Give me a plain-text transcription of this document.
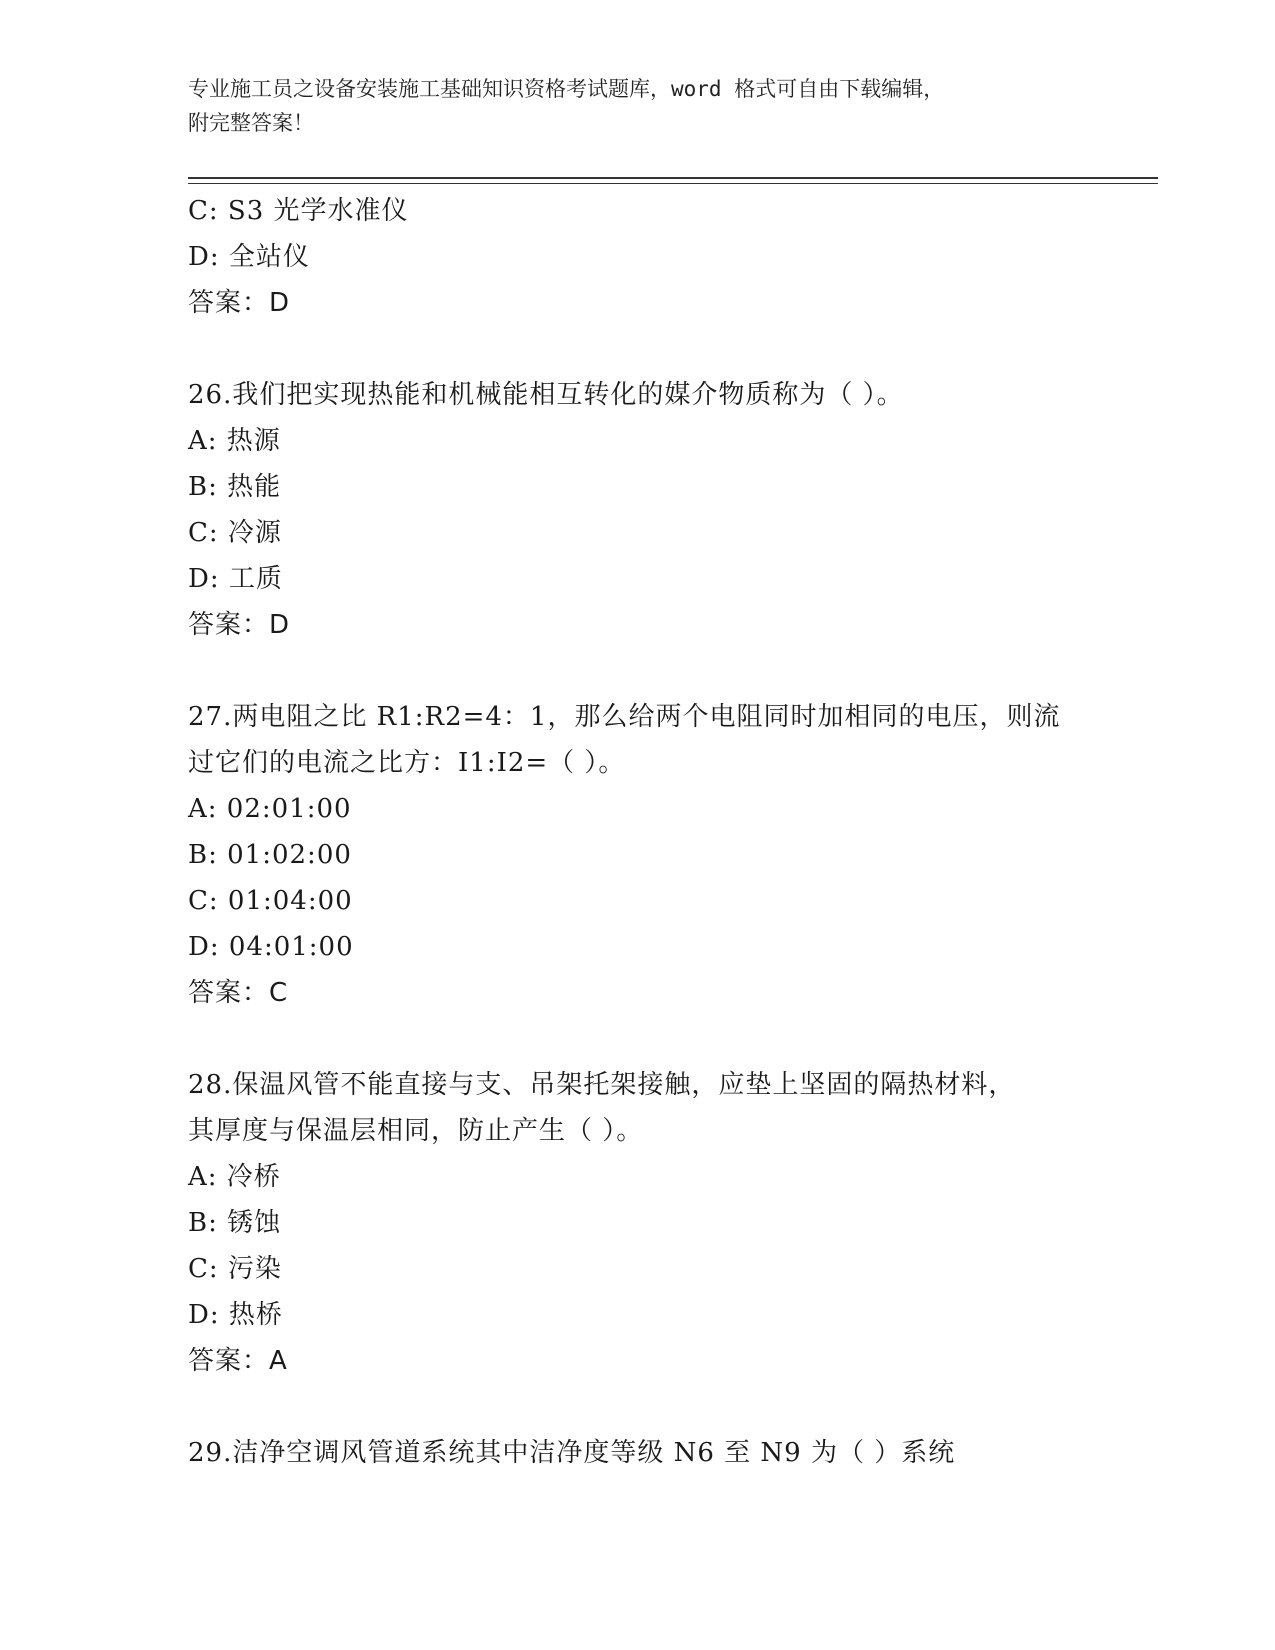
专业施工员之设备安装施工基础知识资格考试题库，word 格式可自由下载编辑，
附完整答案！
C: S3 光学水准仪
D: 全站仪
答案：D
26.我们把实现热能和机械能相互转化的媒介物质称为（ ）。
A: 热源
B: 热能
C: 冷源
D: 工质
答案：D
27.两电阻之比 R1:R2=4：1，那么给两个电阻同时加相同的电压，则流
过它们的电流之比方：I1:I2=（ ）。
A: 02:01:00
B: 01:02:00
C: 01:04:00
D: 04:01:00
答案：C
28.保温风管不能直接与支、吊架托架接触，应垫上坚固的隔热材料，
其厚度与保温层相同，防止产生（ ）。
A: 冷桥
B: 锈蚀
C: 污染
D: 热桥
答案：A
29.洁净空调风管道系统其中洁净度等级 N6 至 N9 为（ ）系统
